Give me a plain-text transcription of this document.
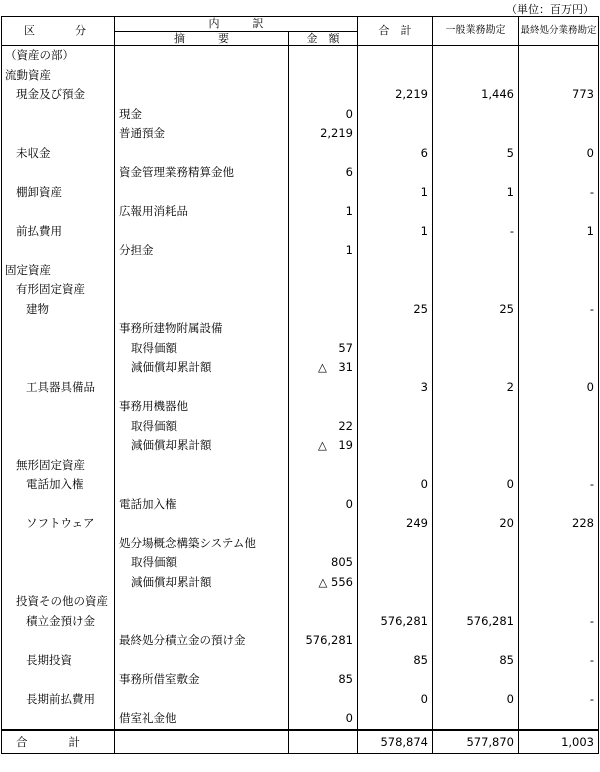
（単位：百万円）
区　　分	内　　　訳		合　計	一般業務勘定	最終処分業務勘定
	摘　　　要	金　額			
（資産の部）					
流動資産					
現金及び預金			2,219	1,446	773
	現金	0			
	普通預金	2,219			
未収金			6	5	0
	資金管理業務精算金他	6			
棚卸資産			1	1	-
	広報用消耗品	1			
前払費用			1	-	1
	分担金	1			
固定資産					
有形固定資産					
建物			25	25	-
	事務所建物附属設備				
	取得価額	57			
	減価償却累計額	△　31			
工具器具備品			3	2	0
	事務用機器他				
	取得価額	22			
	減価償却累計額	△　19			
無形固定資産					
電話加入権			0	0	-
	電話加入権	0			
ソフトウェア			249	20	228
	処分場概念構築システム他				
	取得価額	805			
	減価償却累計額	△ 556			
投資その他の資産					
積立金預け金			576,281	576,281	-
	最終処分積立金の預け金	576,281			
長期投資			85	85	-
	事務所借室敷金	85			
長期前払費用			0	0	-
	借室礼金他	0			
合　　計			578,874	577,870	1,003
